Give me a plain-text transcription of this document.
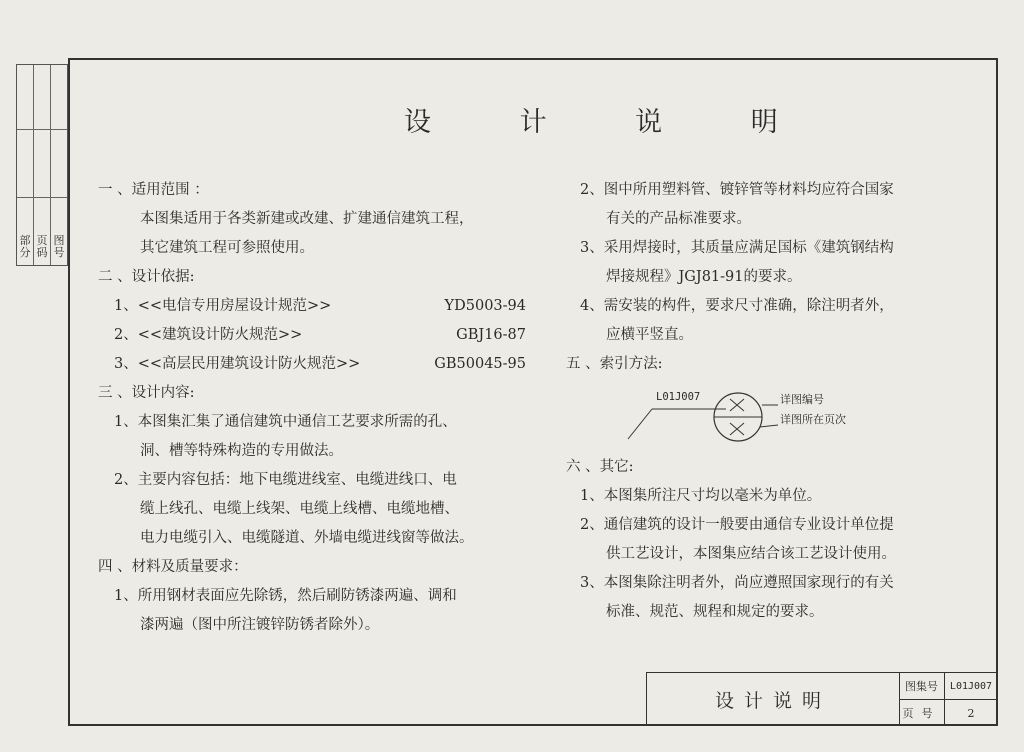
部分
页码
图号
设 计 说 明
一 、适用范围 ：
本图集适用于各类新建或改建、扩建通信建筑工程，
其它建筑工程可参照使用。
二 、设计依据:
1、<<电信专用房屋设计规范>>	YD5003-94
2、<<建筑设计防火规范>>	GBJ16-87
3、<<高层民用建筑设计防火规范>>	GB50045-95
三 、设计内容:
1、本图集汇集了通信建筑中通信工艺要求所需的孔、
洞、槽等特殊构造的专用做法。
2、主要内容包括：地下电缆进线室、电缆进线口、电
缆上线孔、电缆上线架、电缆上线槽、电缆地槽、
电力电缆引入、电缆隧道、外墙电缆进线窗等做法。
四 、材料及质量要求：
1、所用钢材表面应先除锈，然后刷防锈漆两遍、调和
漆两遍（图中所注镀锌防锈者除外）。
2、图中所用塑料管、镀锌管等材料均应符合国家
有关的产品标准要求。
3、采用焊接时，其质量应满足国标《建筑钢结构
焊接规程》JGJ81-91的要求。
4、需安装的构件，要求尺寸准确，除注明者外，
应横平竖直。
五 、索引方法:
L01J007	详图编号
详图所在页次
六 、其它:
1、本图集所注尺寸均以毫米为单位。
2、通信建筑的设计一般要由通信专业设计单位提
供工艺设计，本图集应结合该工艺设计使用。
3、本图集除注明者外，尚应遵照国家现行的有关
标准、规范、规程和规定的要求。
设计说明
图集号	L01J007
页号	2
